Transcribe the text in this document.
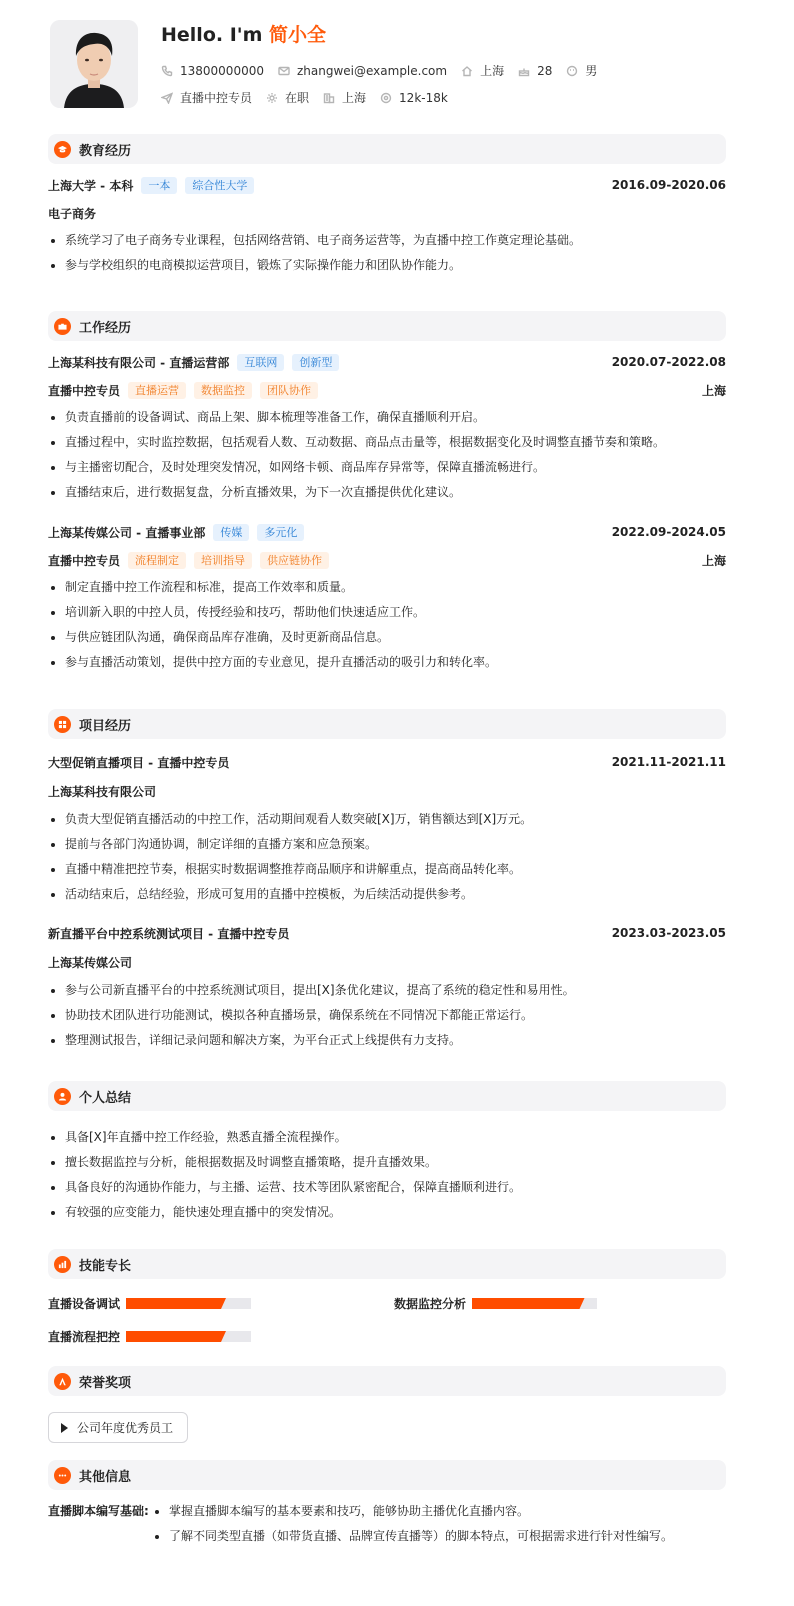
Hello. I'm 简小全
13800000000	zhangwei@example.com	上海	28	男
直播中控专员	在职	上海	12k-18k
教育经历
上海大学 - 本科	一本	综合性大学	2016.09-2020.06
电子商务
系统学习了电子商务专业课程，包括网络营销、电子商务运营等，为直播中控工作奠定理论基础。
参与学校组织的电商模拟运营项目，锻炼了实际操作能力和团队协作能力。
工作经历
上海某科技有限公司 - 直播运营部	互联网	创新型	2020.07-2022.08
直播中控专员	直播运营	数据监控	团队协作	上海
负责直播前的设备调试、商品上架、脚本梳理等准备工作，确保直播顺利开启。
直播过程中，实时监控数据，包括观看人数、互动数据、商品点击量等，根据数据变化及时调整直播节奏和策略。
与主播密切配合，及时处理突发情况，如网络卡顿、商品库存异常等，保障直播流畅进行。
直播结束后，进行数据复盘，分析直播效果，为下一次直播提供优化建议。
上海某传媒公司 - 直播事业部	传媒	多元化	2022.09-2024.05
直播中控专员	流程制定	培训指导	供应链协作	上海
制定直播中控工作流程和标准，提高工作效率和质量。
培训新入职的中控人员，传授经验和技巧，帮助他们快速适应工作。
与供应链团队沟通，确保商品库存准确，及时更新商品信息。
参与直播活动策划，提供中控方面的专业意见，提升直播活动的吸引力和转化率。
项目经历
大型促销直播项目 - 直播中控专员	2021.11-2021.11
上海某科技有限公司
负责大型促销直播活动的中控工作，活动期间观看人数突破[X]万，销售额达到[X]万元。
提前与各部门沟通协调，制定详细的直播方案和应急预案。
直播中精准把控节奏，根据实时数据调整推荐商品顺序和讲解重点，提高商品转化率。
活动结束后，总结经验，形成可复用的直播中控模板，为后续活动提供参考。
新直播平台中控系统测试项目 - 直播中控专员	2023.03-2023.05
上海某传媒公司
参与公司新直播平台的中控系统测试项目，提出[X]条优化建议，提高了系统的稳定性和易用性。
协助技术团队进行功能测试，模拟各种直播场景，确保系统在不同情况下都能正常运行。
整理测试报告，详细记录问题和解决方案，为平台正式上线提供有力支持。
个人总结
具备[X]年直播中控工作经验，熟悉直播全流程操作。
擅长数据监控与分析，能根据数据及时调整直播策略，提升直播效果。
具备良好的沟通协作能力，与主播、运营、技术等团队紧密配合，保障直播顺利进行。
有较强的应变能力，能快速处理直播中的突发情况。
技能专长
直播设备调试	数据监控分析
直播流程把控
荣誉奖项
公司年度优秀员工
其他信息
直播脚本编写基础:	掌握直播脚本编写的基本要素和技巧，能够协助主播优化直播内容。
了解不同类型直播（如带货直播、品牌宣传直播等）的脚本特点，可根据需求进行针对性编写。
